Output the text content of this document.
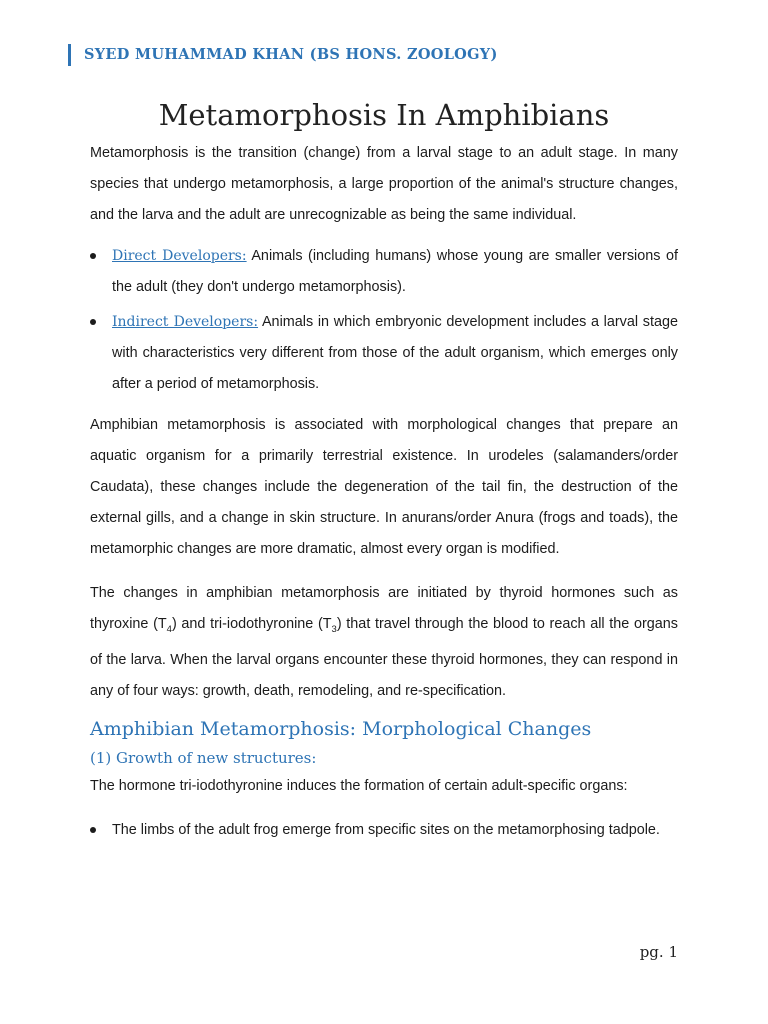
SYED MUHAMMAD KHAN (BS HONS. ZOOLOGY)
Metamorphosis In Amphibians
Metamorphosis is the transition (change) from a larval stage to an adult stage. In many species that undergo metamorphosis, a large proportion of the animal's structure changes, and the larva and the adult are unrecognizable as being the same individual.
Direct Developers: Animals (including humans) whose young are smaller versions of the adult (they don't undergo metamorphosis).
Indirect Developers: Animals in which embryonic development includes a larval stage with characteristics very different from those of the adult organism, which emerges only after a period of metamorphosis.
Amphibian metamorphosis is associated with morphological changes that prepare an aquatic organism for a primarily terrestrial existence. In urodeles (salamanders/order Caudata), these changes include the degeneration of the tail fin, the destruction of the external gills, and a change in skin structure. In anurans/order Anura (frogs and toads), the metamorphic changes are more dramatic, almost every organ is modified.
The changes in amphibian metamorphosis are initiated by thyroid hormones such as thyroxine $(T_4)$ and tri-iodothyronine $(T_3)$ that travel through the blood to reach all the organs of the larva. When the larval organs encounter these thyroid hormones, they can respond in any of four ways: growth, death, remodeling, and re-specification.
Amphibian Metamorphosis: Morphological Changes
(1) Growth of new structures:
The hormone tri-iodothyronine induces the formation of certain adult-specific organs:
The limbs of the adult frog emerge from specific sites on the metamorphosing tadpole.
pg. 1
